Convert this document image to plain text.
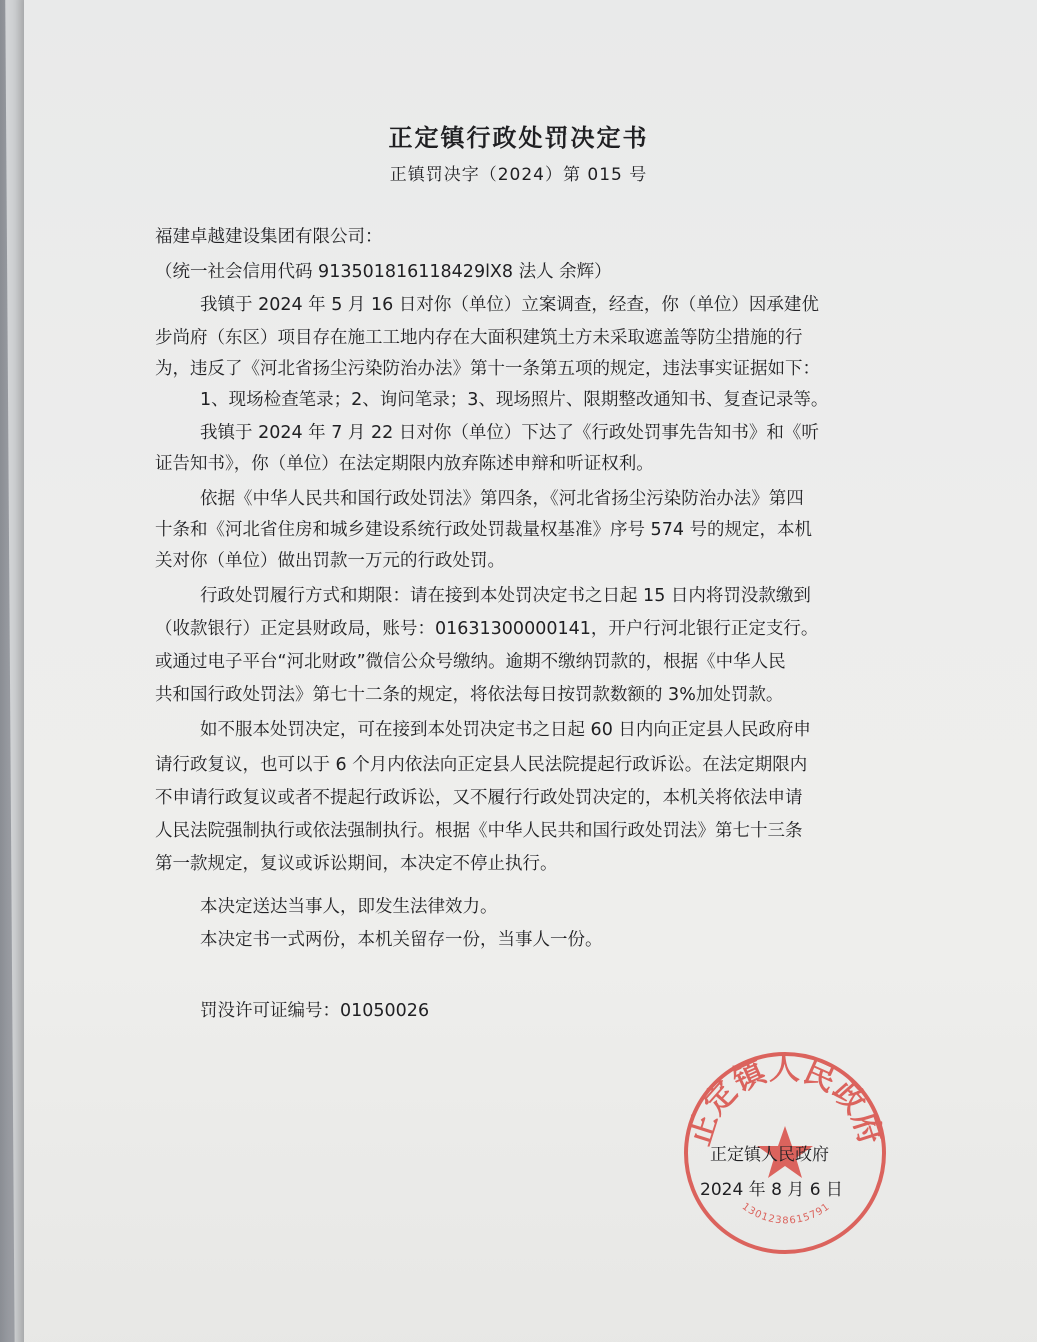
正定镇行政处罚决定书
正镇罚决字（2024）第 015 号
福建卓越建设集团有限公司：
（统一社会信用代码 913501816118429lX8 法人 余辉）
我镇于 2024 年 5 月 16 日对你（单位）立案调查，经查，你（单位）因承建优
步尚府（东区）项目存在施工工地内存在大面积建筑土方未采取遮盖等防尘措施的行
为，违反了《河北省扬尘污染防治办法》第十一条第五项的规定，违法事实证据如下：
1、现场检查笔录；2、询问笔录；3、现场照片、限期整改通知书、复查记录等。
我镇于 2024 年 7 月 22 日对你（单位）下达了《行政处罚事先告知书》和《听
证告知书》，你（单位）在法定期限内放弃陈述申辩和听证权利。
依据《中华人民共和国行政处罚法》第四条，《河北省扬尘污染防治办法》第四
十条和《河北省住房和城乡建设系统行政处罚裁量权基准》序号 574 号的规定，本机
关对你（单位）做出罚款一万元的行政处罚。
行政处罚履行方式和期限：请在接到本处罚决定书之日起 15 日内将罚没款缴到
（收款银行）正定县财政局，账号：01631300000141，开户行河北银行正定支行。
或通过电子平台“河北财政”微信公众号缴纳。逾期不缴纳罚款的，根据《中华人民
共和国行政处罚法》第七十二条的规定，将依法每日按罚款数额的 3%加处罚款。
如不服本处罚决定，可在接到本处罚决定书之日起 60 日内向正定县人民政府申
请行政复议，也可以于 6 个月内依法向正定县人民法院提起行政诉讼。在法定期限内
不申请行政复议或者不提起行政诉讼，又不履行行政处罚决定的，本机关将依法申请
人民法院强制执行或依法强制执行。根据《中华人民共和国行政处罚法》第七十三条
第一款规定，复议或诉讼期间，本决定不停止执行。
本决定送达当事人，即发生法律效力。
本决定书一式两份，本机关留存一份，当事人一份。
罚没许可证编号：01050026
正定镇人民政府
1301238615791
正定镇人民政府
2024 年 8 月 6 日
